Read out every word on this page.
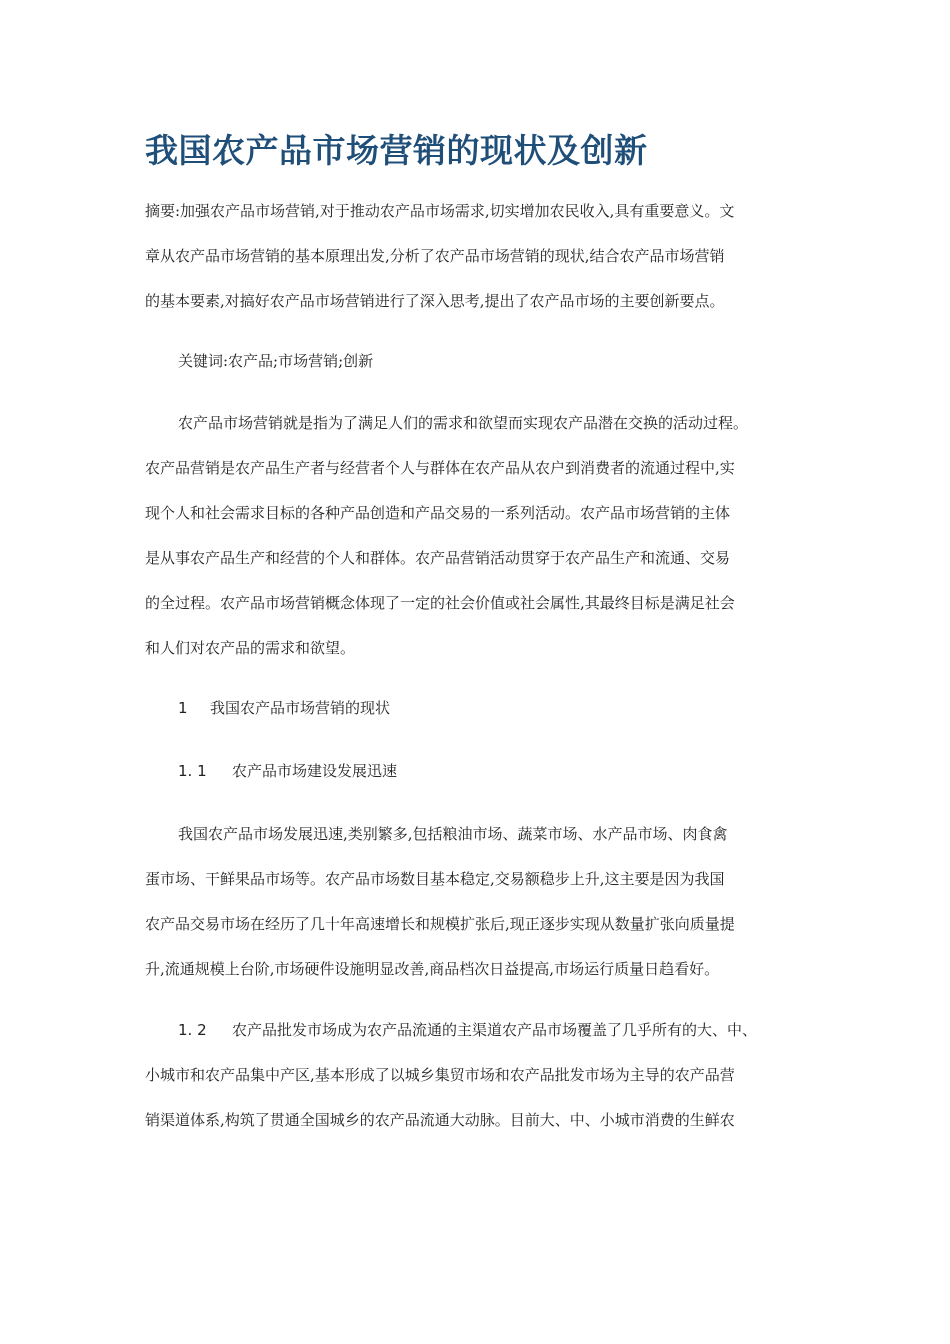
我国农产品市场营销的现状及创新
摘要:加强农产品市场营销,对于推动农产品市场需求,切实增加农民收入,具有重要意义。文
章从农产品市场营销的基本原理出发,分析了农产品市场营销的现状,结合农产品市场营销
的基本要素,对搞好农产品市场营销进行了深入思考,提出了农产品市场的主要创新要点。
关键词:农产品;市场营销;创新
农产品市场营销就是指为了满足人们的需求和欲望而实现农产品潜在交换的活动过程。
农产品营销是农产品生产者与经营者个人与群体在农产品从农户到消费者的流通过程中,实
现个人和社会需求目标的各种产品创造和产品交易的一系列活动。农产品市场营销的主体
是从事农产品生产和经营的个人和群体。农产品营销活动贯穿于农产品生产和流通、交易
的全过程。农产品市场营销概念体现了一定的社会价值或社会属性,其最终目标是满足社会
和人们对农产品的需求和欲望。
1 我国农产品市场营销的现状
1. 1 农产品市场建设发展迅速
我国农产品市场发展迅速,类别繁多,包括粮油市场、蔬菜市场、水产品市场、肉食禽
蛋市场、干鲜果品市场等。农产品市场数目基本稳定,交易额稳步上升,这主要是因为我国
农产品交易市场在经历了几十年高速增长和规模扩张后,现正逐步实现从数量扩张向质量提
升,流通规模上台阶,市场硬件设施明显改善,商品档次日益提高,市场运行质量日趋看好。
1. 2 农产品批发市场成为农产品流通的主渠道农产品市场覆盖了几乎所有的大、中、
小城市和农产品集中产区,基本形成了以城乡集贸市场和农产品批发市场为主导的农产品营
销渠道体系,构筑了贯通全国城乡的农产品流通大动脉。目前大、中、小城市消费的生鲜农
